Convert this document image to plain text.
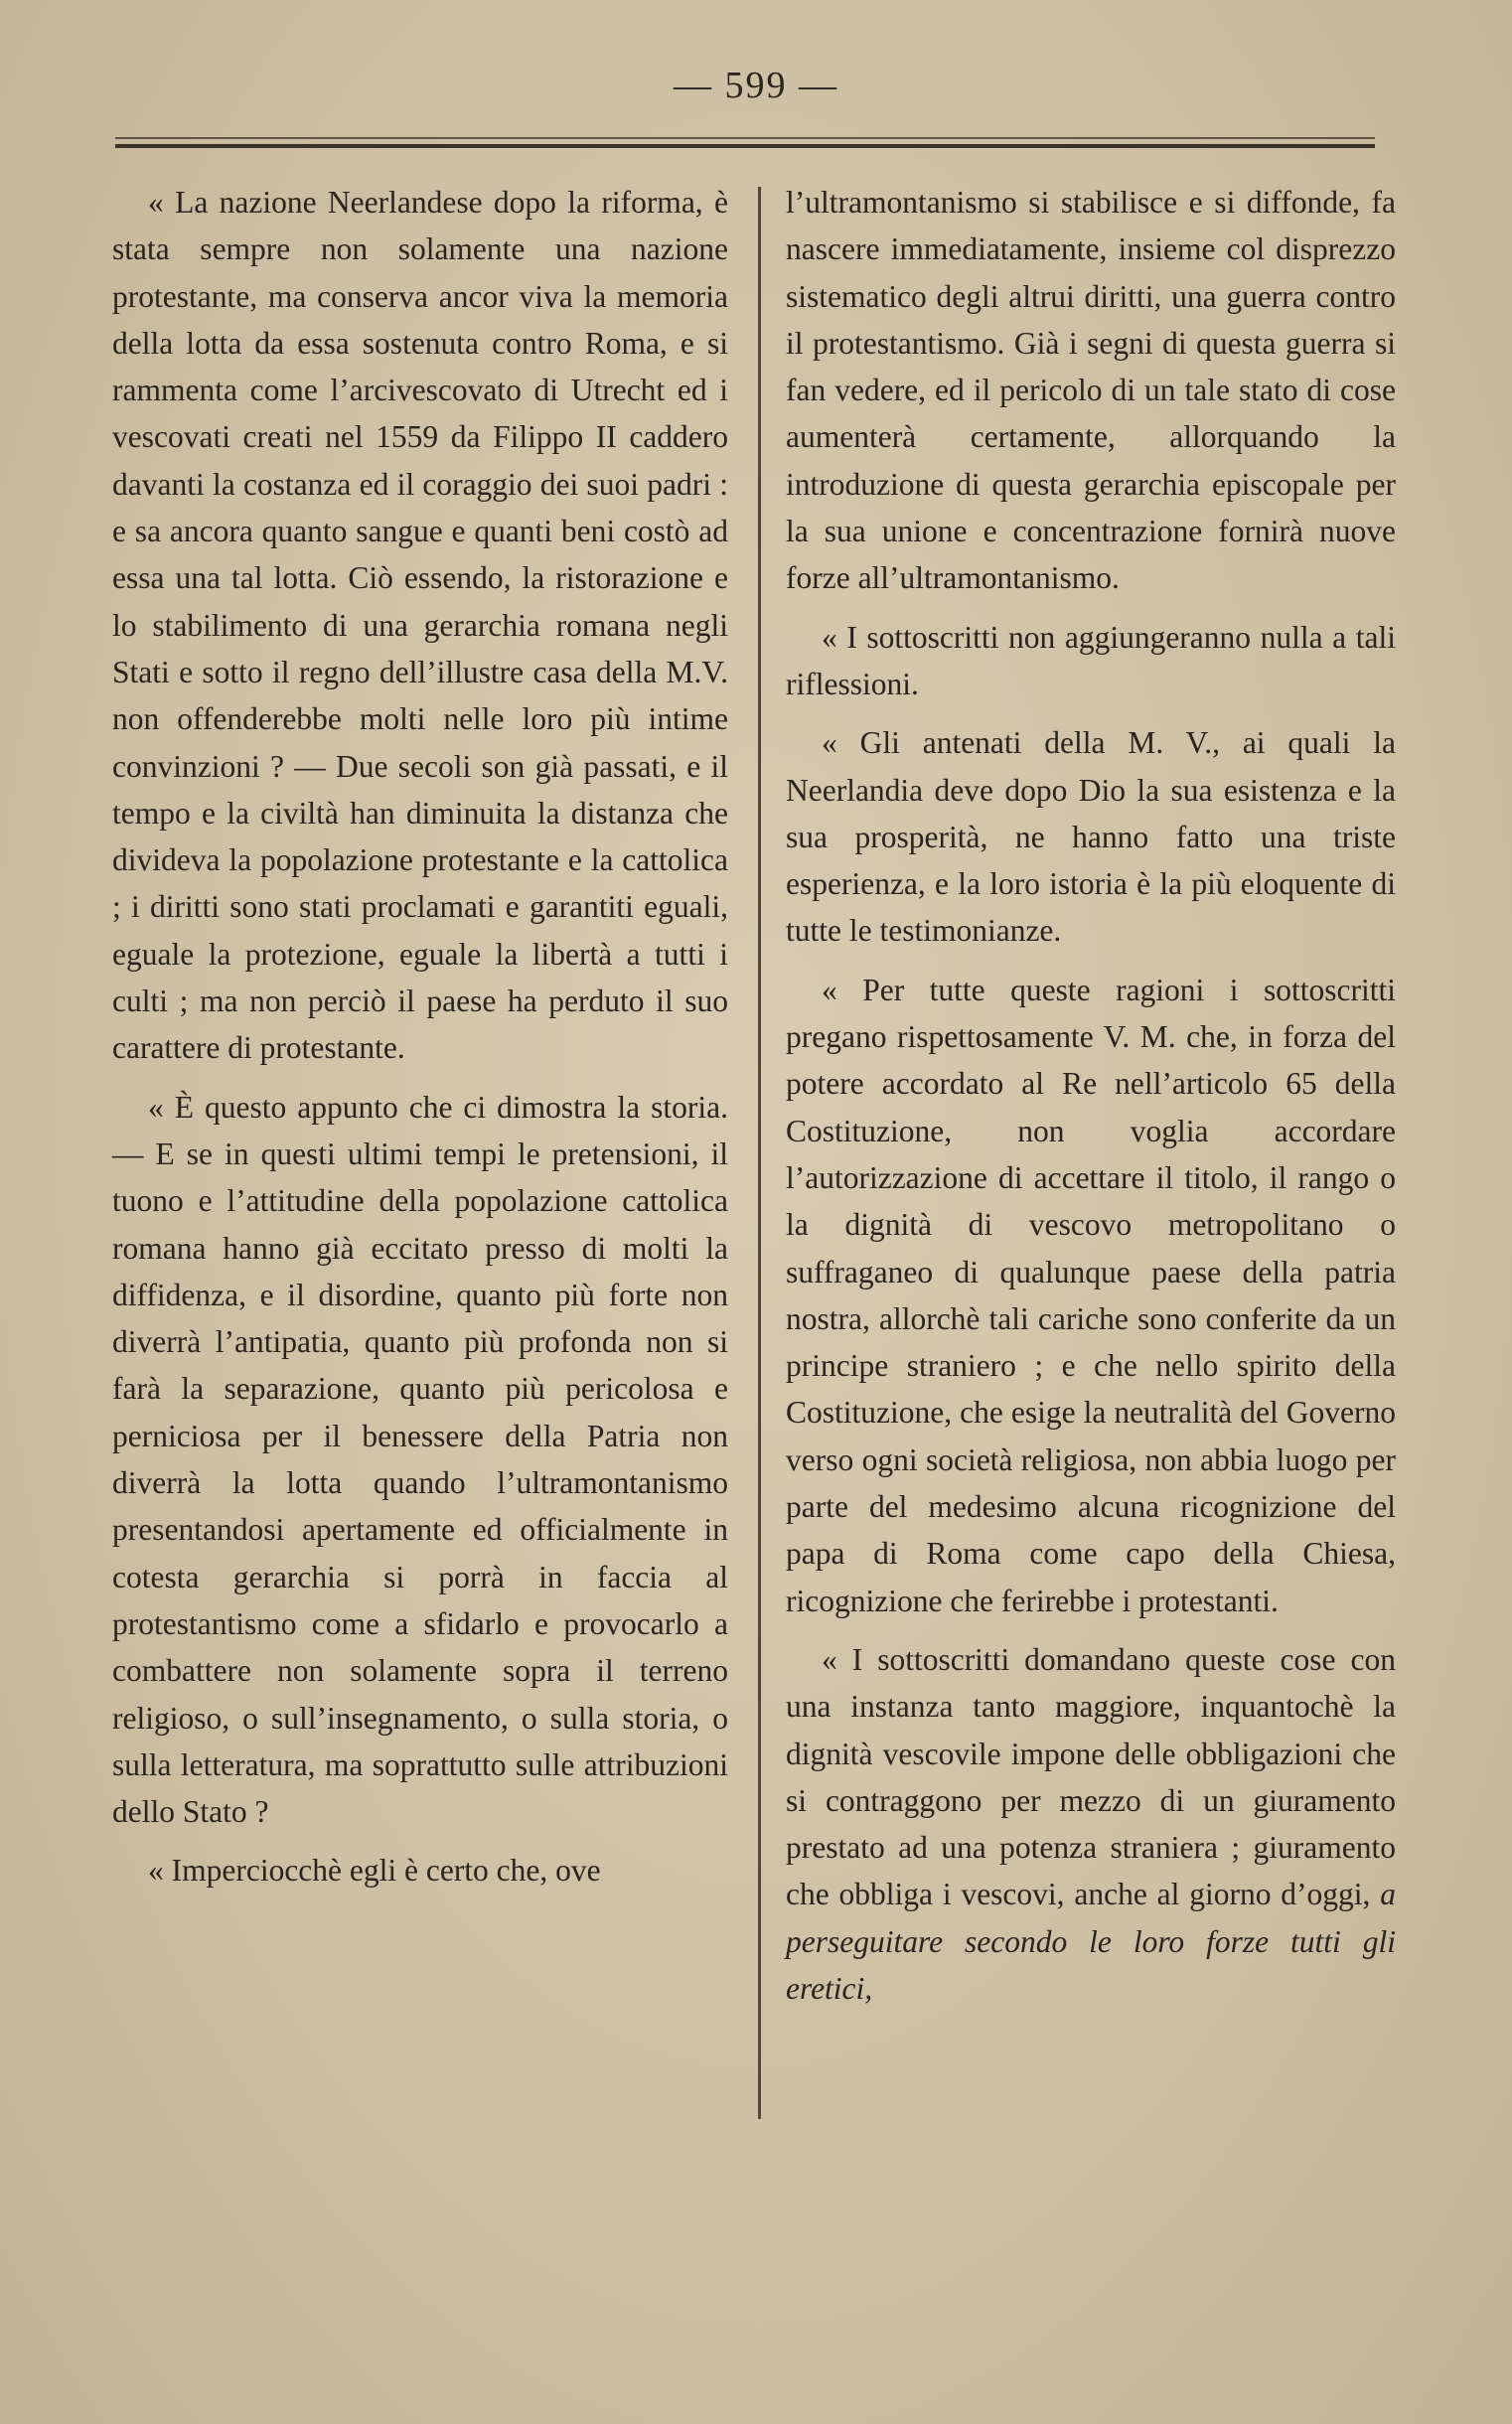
— 599 —

« La nazione Neerlandese dopo la riforma, è stata sempre non solamente una nazione protestante, ma conserva ancor viva la memoria della lotta da essa sostenuta contro Roma, e si rammenta come l’arcivescovato di Utrecht ed i vescovati creati nel 1559 da Filippo II caddero davanti la costanza ed il coraggio dei suoi padri : e sa ancora quanto sangue e quanti beni costò ad essa una tal lotta. Ciò essendo, la ristorazione e lo stabilimento di una gerarchia romana negli Stati e sotto il regno dell’illustre casa della M.V. non offenderebbe molti nelle loro più intime convinzioni ? — Due secoli son già passati, e il tempo e la civiltà han diminuita la distanza che divideva la popolazione protestante e la cattolica ; i diritti sono stati proclamati e garantiti eguali, eguale la protezione, eguale la libertà a tutti i culti ; ma non perciò il paese ha perduto il suo carattere di protestante.

« È questo appunto che ci dimostra la storia. — E se in questi ultimi tempi le pretensioni, il tuono e l’attitudine della popolazione cattolica romana hanno già eccitato presso di molti la diffidenza, e il disordine, quanto più forte non diverrà l’antipatia, quanto più profonda non si farà la separazione, quanto più pericolosa e perniciosa per il benessere della Patria non diverrà la lotta quando l’ultramontanismo presentandosi apertamente ed officialmente in cotesta gerarchia si porrà in faccia al protestantismo come a sfidarlo e provocarlo a combattere non solamente sopra il terreno religioso, o sull’insegnamento, o sulla storia, o sulla letteratura, ma soprattutto sulle attribuzioni dello Stato ?

« Imperciocchè egli è certo che, ove

l’ultramontanismo si stabilisce e si diffonde, fa nascere immediatamente, insieme col disprezzo sistematico degli altrui diritti, una guerra contro il protestantismo. Già i segni di questa guerra si fan vedere, ed il pericolo di un tale stato di cose aumenterà certamente, allorquando la introduzione di questa gerarchia episcopale per la sua unione e concentrazione fornirà nuove forze all’ultramontanismo.

« I sottoscritti non aggiungeranno nulla a tali riflessioni.

« Gli antenati della M. V., ai quali la Neerlandia deve dopo Dio la sua esistenza e la sua prosperità, ne hanno fatto una triste esperienza, e la loro istoria è la più eloquente di tutte le testimonianze.

« Per tutte queste ragioni i sottoscritti pregano rispettosamente V. M. che, in forza del potere accordato al Re nell’articolo 65 della Costituzione, non voglia accordare l’autorizzazione di accettare il titolo, il rango o la dignità di vescovo metropolitano o suffraganeo di qualunque paese della patria nostra, allorchè tali cariche sono conferite da un principe straniero ; e che nello spirito della Costituzione, che esige la neutralità del Governo verso ogni società religiosa, non abbia luogo per parte del medesimo alcuna ricognizione del papa di Roma come capo della Chiesa, ricognizione che ferirebbe i protestanti.

« I sottoscritti domandano queste cose con una instanza tanto maggiore, inquantochè la dignità vescovile impone delle obbligazioni che si contraggono per mezzo di un giuramento prestato ad una potenza straniera ; giuramento che obbliga i vescovi, anche al giorno d’oggi, a perseguitare secondo le loro forze tutti gli eretici,
